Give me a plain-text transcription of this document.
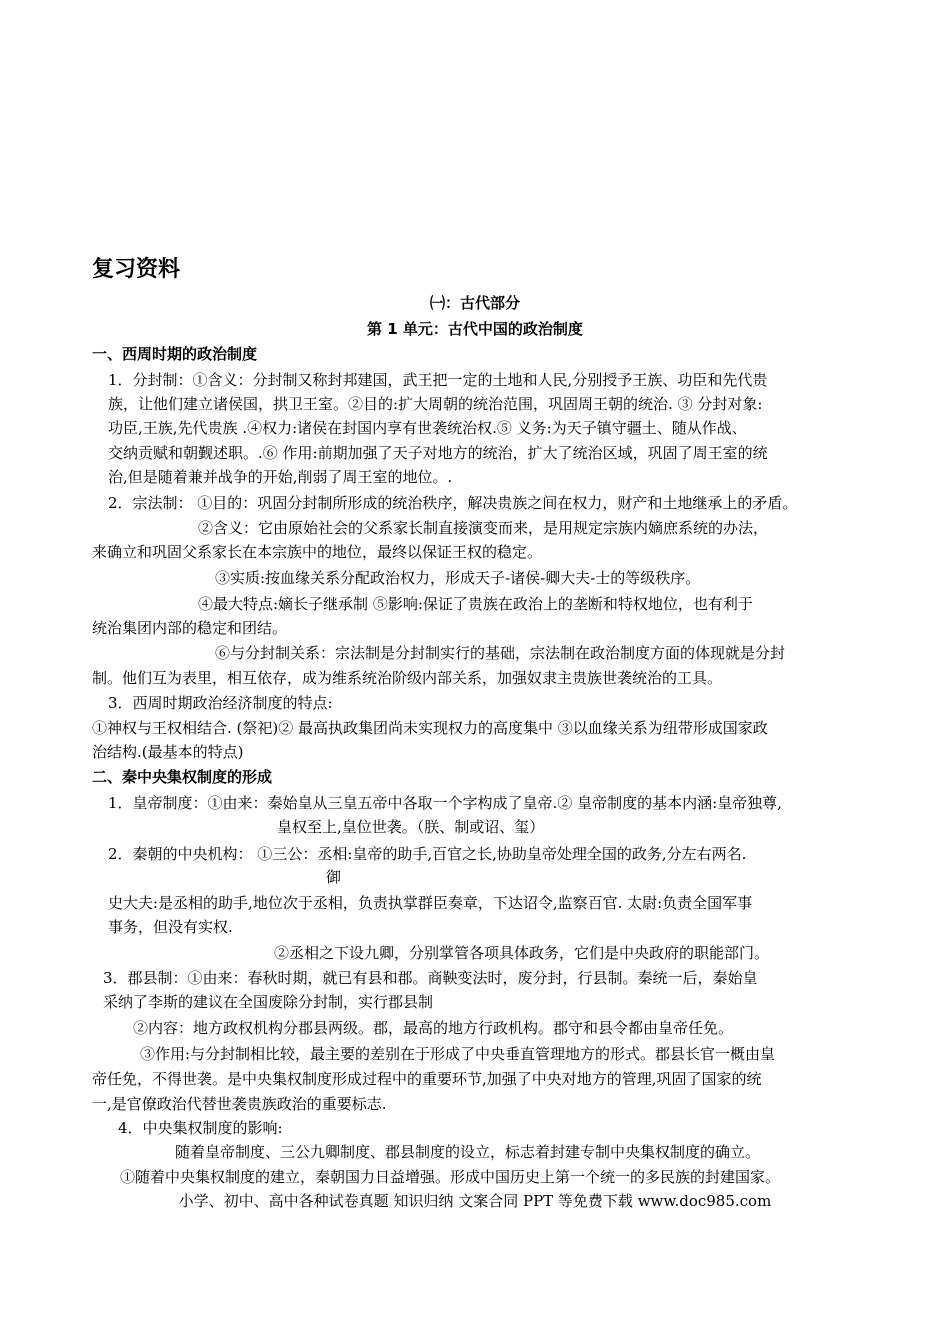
复习资料
㈠：古代部分
第 1 单元：古代中国的政治制度
一、西周时期的政治制度
1．分封制：①含义：分封制又称封邦建国，武王把一定的土地和人民,分别授予王族、功臣和先代贵
族，让他们建立诸侯国，拱卫王室。②目的:扩大周朝的统治范围，巩固周王朝的统治. ③ 分封对象:
功臣,王族,先代贵族 .④权力:诸侯在封国内享有世袭统治权.⑤ 义务:为天子镇守疆土、随从作战、
交纳贡赋和朝觐述职。.⑥ 作用:前期加强了天子对地方的统治，扩大了统治区域，巩固了周王室的统
治,但是随着兼并战争的开始,削弱了周王室的地位。.
2．宗法制： ①目的：巩固分封制所形成的统治秩序，解决贵族之间在权力，财产和土地继承上的矛盾。
②含义：它由原始社会的父系家长制直接演变而来，是用规定宗族内嫡庶系统的办法，
来确立和巩固父系家长在本宗族中的地位，最终以保证王权的稳定。
③实质:按血缘关系分配政治权力，形成天子-诸侯-卿大夫-士的等级秩序。
④最大特点:嫡长子继承制 ⑤影响:保证了贵族在政治上的垄断和特权地位，也有利于
统治集团内部的稳定和团结。
⑥与分封制关系：宗法制是分封制实行的基础，宗法制在政治制度方面的体现就是分封
制。他们互为表里，相互依存，成为维系统治阶级内部关系，加强奴隶主贵族世袭统治的工具。
3．西周时期政治经济制度的特点:
①神权与王权相结合. (祭祀)② 最高执政集团尚未实现权力的高度集中 ③以血缘关系为纽带形成国家政
治结构.(最基本的特点)
二、秦中央集权制度的形成
1．皇帝制度：①由来：秦始皇从三皇五帝中各取一个字构成了皇帝.② 皇帝制度的基本内涵:皇帝独尊,
皇权至上,皇位世袭。（朕、制或诏、玺）
2．秦朝的中央机构： ①三公：丞相:皇帝的助手,百官之长,协助皇帝处理全国的政务,分左右两名.
御
史大夫:是丞相的助手,地位次于丞相，负责执掌群臣奏章，下达诏令,监察百官. 太尉:负责全国军事
事务，但没有实权.
②丞相之下设九卿，分别掌管各项具体政务，它们是中央政府的职能部门。
3．郡县制：①由来：春秋时期，就已有县和郡。商鞅变法时，废分封，行县制。秦统一后，秦始皇
采纳了李斯的建议在全国废除分封制，实行郡县制
②内容：地方政权机构分郡县两级。郡，最高的地方行政机构。郡守和县令都由皇帝任免。
③作用:与分封制相比较，最主要的差别在于形成了中央垂直管理地方的形式。郡县长官一概由皇
帝任免，不得世袭。是中央集权制度形成过程中的重要环节,加强了中央对地方的管理,巩固了国家的统
一,是官僚政治代替世袭贵族政治的重要标志.
4．中央集权制度的影响:
随着皇帝制度、三公九卿制度、郡县制度的设立，标志着封建专制中央集权制度的确立。
①随着中央集权制度的建立，秦朝国力日益增强。形成中国历史上第一个统一的多民族的封建国家。
小学、初中、高中各种试卷真题 知识归纳 文案合同 PPT 等免费下载 www.doc985.com
